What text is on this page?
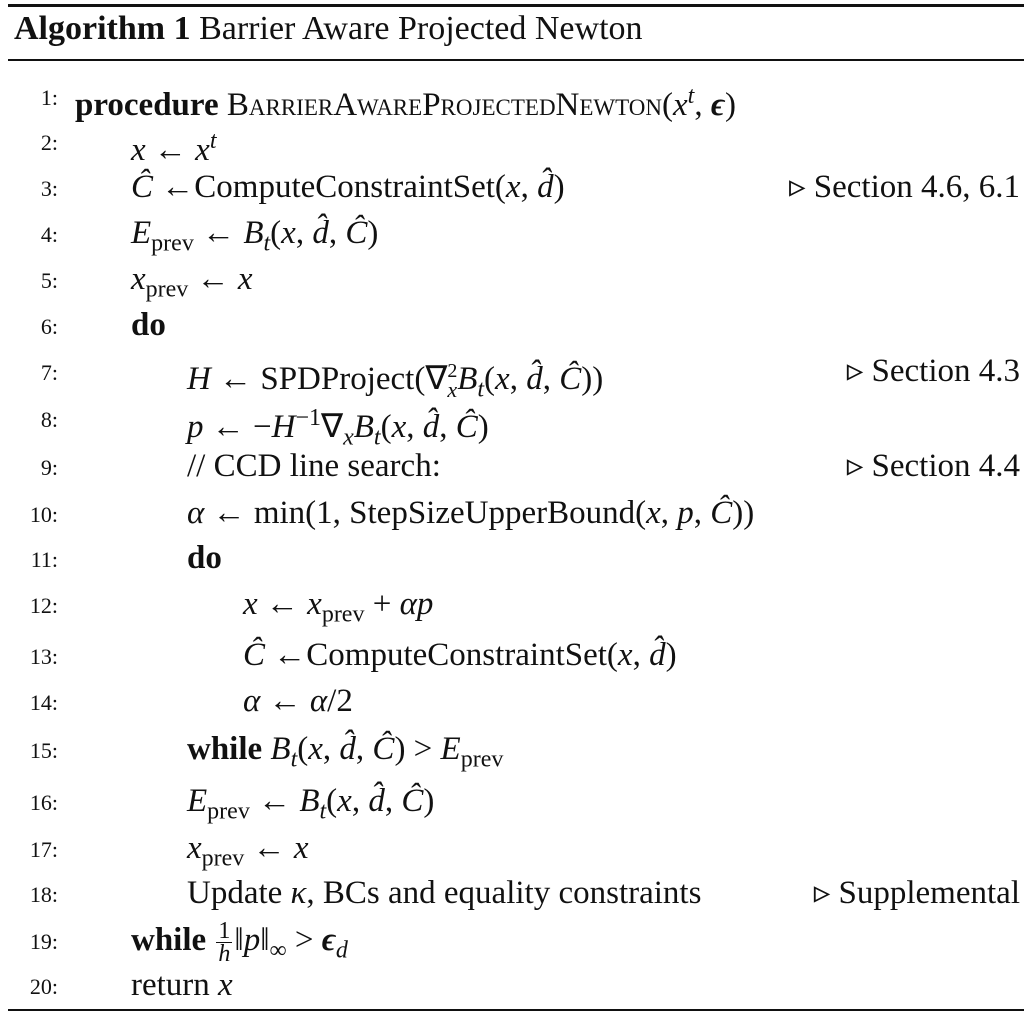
Algorithm 1 Barrier Aware Projected Newton
1: procedure $BarrierAwareProjectedNewton(x^t$, ϵ)
2: x ← $x^t$
3: Ĉ ←ComputeConstraintSet(x, d̂)	▹ Section 4.6, 6.1
4: $E_{prev}$ ← $B_t(x$, d̂, Ĉ)
5: $x_{prev}$ ← x
6: do
7:	H ← $SPDProject(\nabla^2_xB_t(x$, d̂, Ĉ))	▹ Section 4.3
8:	p ← $-H^{-1}\nabla_xB_t(x$, d̂, Ĉ)
9:	// CCD line search:	▹ Section 4.4
10:	α ← min(1, StepSizeUpperBound(x, p, Ĉ))
11:	do
12:	x ← $x_{prev} + \alpha p$
13:	Ĉ ←ComputeConstraintSet(x, d̂)
14:	α ← α/2
15:	while $B_t(x$, d̂, Ĉ) > $E_{prev}$
16:	$E_{prev}$ ← $B_t(x$, d̂, Ĉ)
17:	$x_{prev}$ ← x
18:	Update κ, BCs and equality constraints	▹ Supplemental
19: while $\frac{1}{h}$ $‖p‖_\infty > \epsilon_d$
20: return x
